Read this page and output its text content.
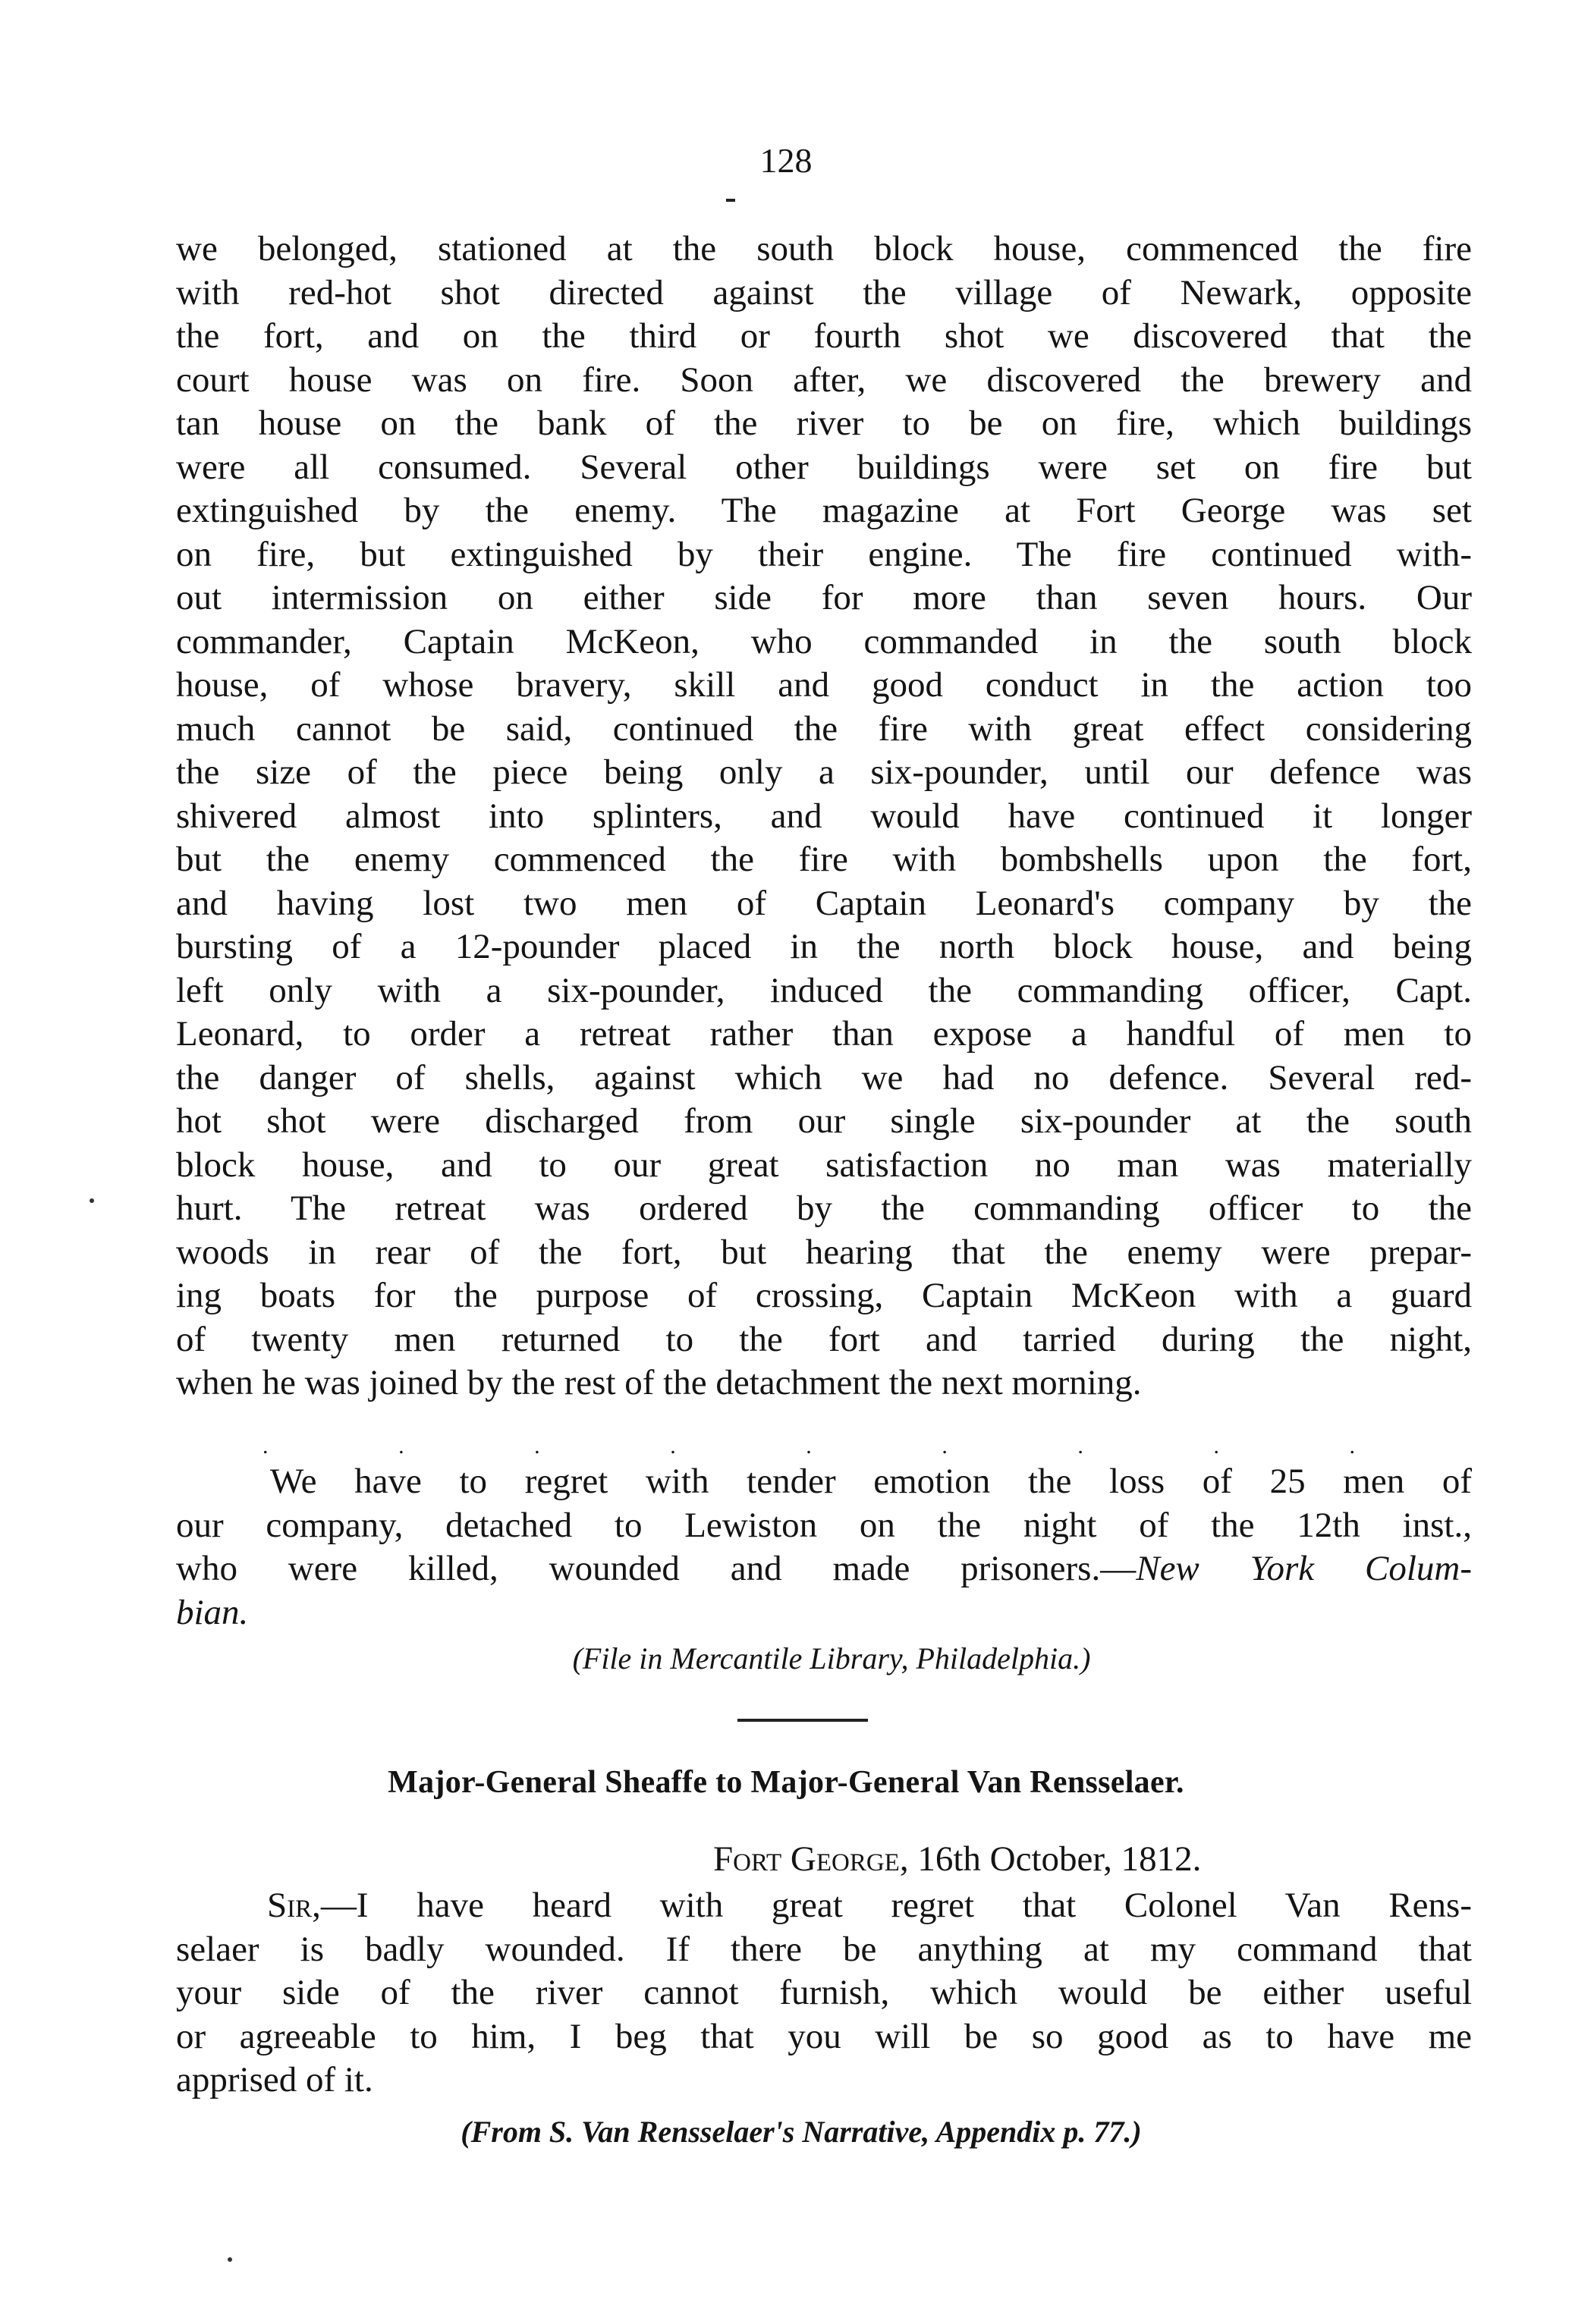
128
we belonged, stationed at the south block house, commenced the fire
with red-hot shot directed against the village of Newark, opposite
the fort, and on the third or fourth shot we discovered that the
court house was on fire. Soon after, we discovered the brewery and
tan house on the bank of the river to be on fire, which buildings
were all consumed. Several other buildings were set on fire but
extinguished by the enemy. The magazine at Fort George was set
on fire, but extinguished by their engine. The fire continued with-
out intermission on either side for more than seven hours. Our
commander, Captain McKeon, who commanded in the south block
house, of whose bravery, skill and good conduct in the action too
much cannot be said, continued the fire with great effect considering
the size of the piece being only a six-pounder, until our defence was
shivered almost into splinters, and would have continued it longer
but the enemy commenced the fire with bombshells upon the fort,
and having lost two men of Captain Leonard's company by the
bursting of a 12-pounder placed in the north block house, and being
left only with a six-pounder, induced the commanding officer, Capt.
Leonard, to order a retreat rather than expose a handful of men to
the danger of shells, against which we had no defence. Several red-
hot shot were discharged from our single six-pounder at the south
block house, and to our great satisfaction no man was materially
hurt. The retreat was ordered by the commanding officer to the
woods in rear of the fort, but hearing that the enemy were prepar-
ing boats for the purpose of crossing, Captain McKeon with a guard
of twenty men returned to the fort and tarried during the night,
when he was joined by the rest of the detachment the next morning.
.	.	.	.	.	.	.	.	.
We have to regret with tender emotion the loss of 25 men of
our company, detached to Lewiston on the night of the 12th inst.,
who were killed, wounded and made prisoners.—New York Colum-
bian.
(File in Mercantile Library, Philadelphia.)
Major-General Sheaffe to Major-General Van Rensselaer.
Fort George, 16th October, 1812.
Sir,—I have heard with great regret that Colonel Van Rens-
selaer is badly wounded. If there be anything at my command that
your side of the river cannot furnish, which would be either useful
or agreeable to him, I beg that you will be so good as to have me
apprised of it.
(From S. Van Rensselaer's Narrative, Appendix p. 77.)
